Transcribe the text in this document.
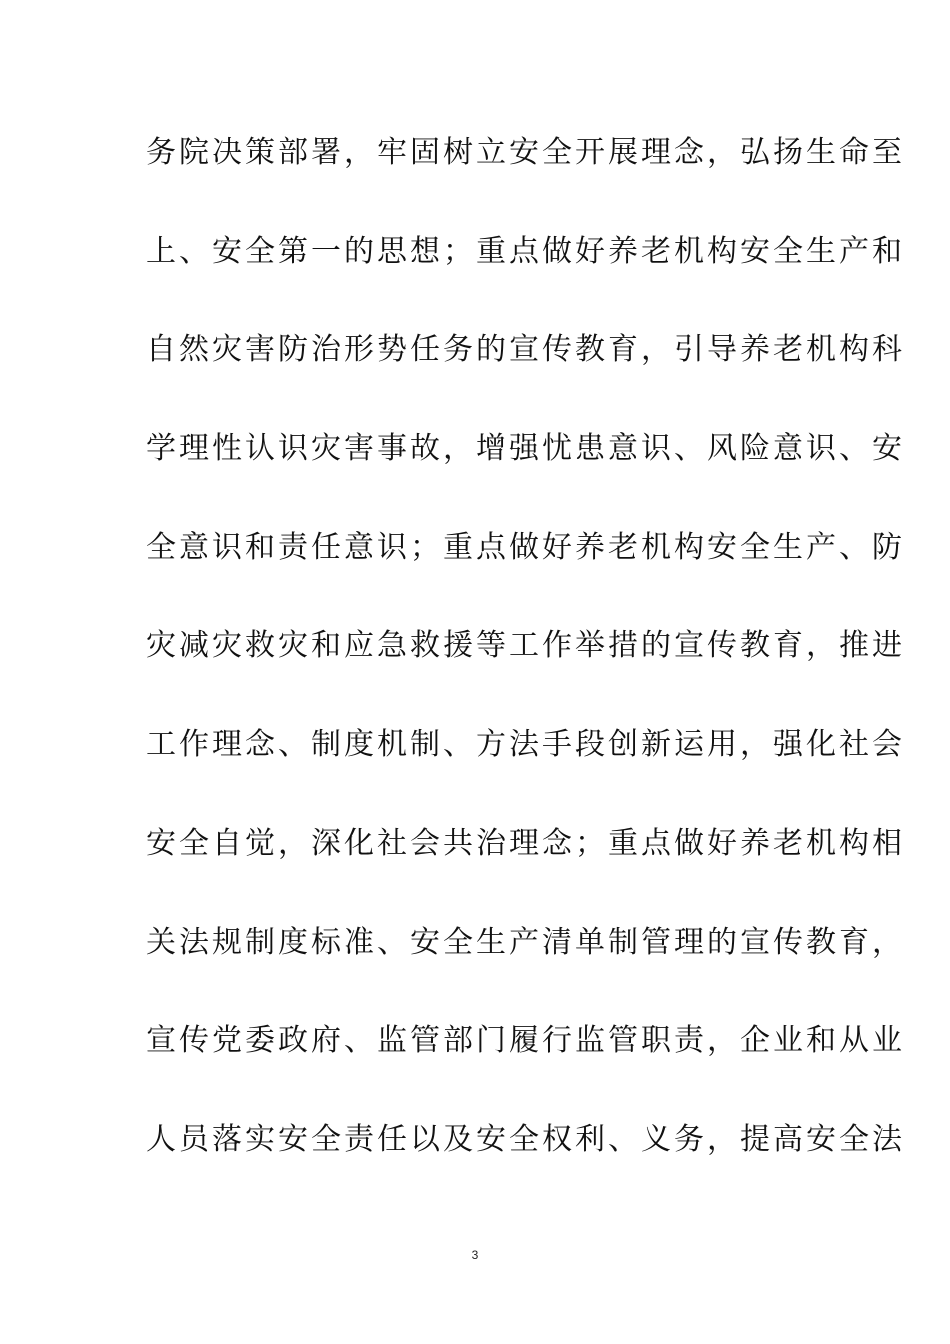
务院决策部署，牢固树立安全开展理念，弘扬生命至
上、安全第一的思想；重点做好养老机构安全生产和
自然灾害防治形势任务的宣传教育，引导养老机构科
学理性认识灾害事故，增强忧患意识、风险意识、安
全意识和责任意识；重点做好养老机构安全生产、防
灾减灾救灾和应急救援等工作举措的宣传教育，推进
工作理念、制度机制、方法手段创新运用，强化社会
安全自觉，深化社会共治理念；重点做好养老机构相
关法规制度标准、安全生产清单制管理的宣传教育，
宣传党委政府、监管部门履行监管职责，企业和从业
人员落实安全责任以及安全权利、义务，提高安全法
3
